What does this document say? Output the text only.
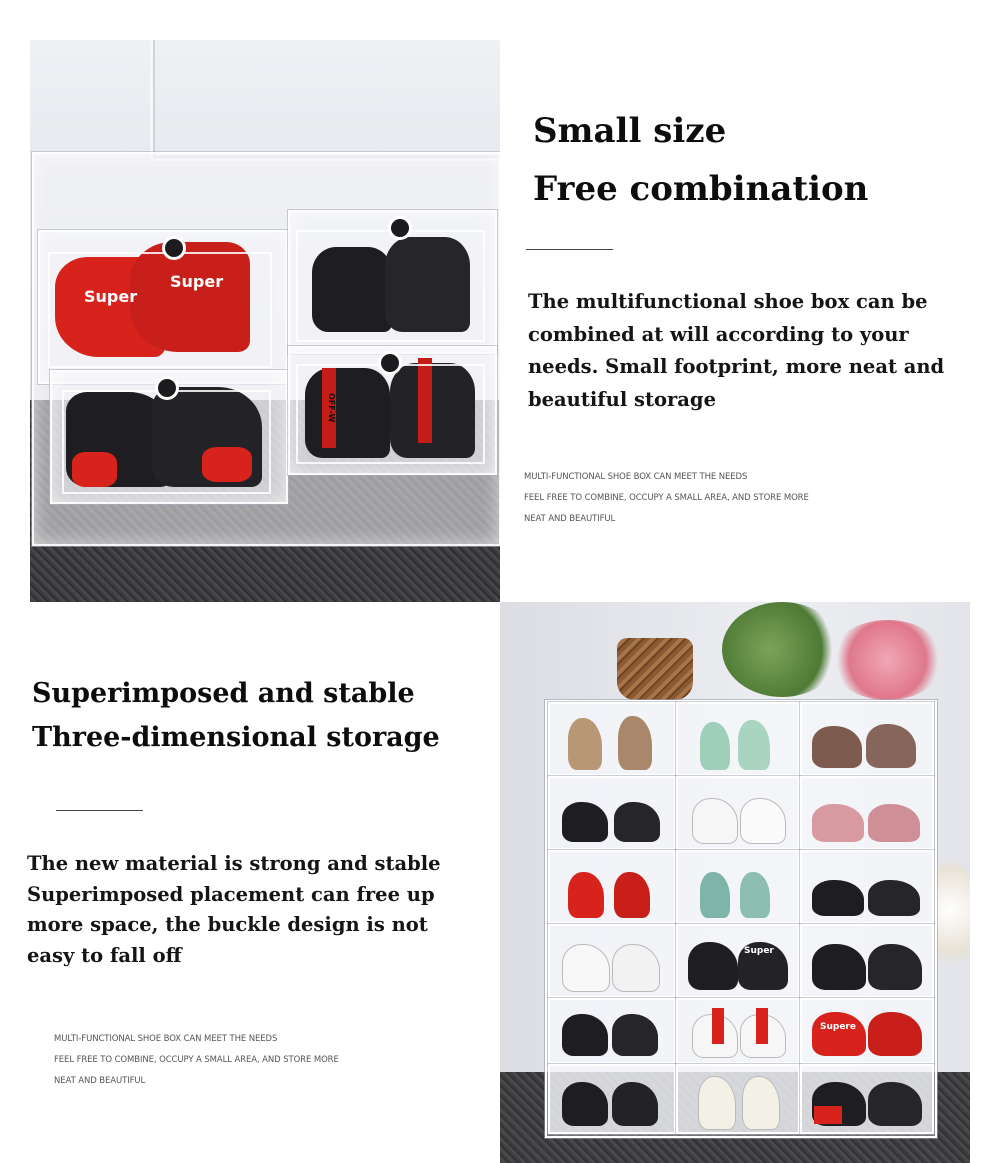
Super
Super
OFF-W

Small size

Free combination

The multifunctional shoe box can be

combined at will according to your

needs. Small footprint, more neat and

beautiful storage

MULTI-FUNCTIONAL SHOE BOX CAN MEET THE NEEDS

FEEL FREE TO COMBINE, OCCUPY A SMALL AREA, AND STORE MORE

NEAT AND BEAUTIFUL

Superimposed and stable

Three-dimensional storage

The new material is strong and stable

Superimposed placement can free up

more space, the buckle design is not

easy to fall off

MULTI-FUNCTIONAL SHOE BOX CAN MEET THE NEEDS

FEEL FREE TO COMBINE, OCCUPY A SMALL AREA, AND STORE MORE

NEAT AND BEAUTIFUL

Super
Supere
